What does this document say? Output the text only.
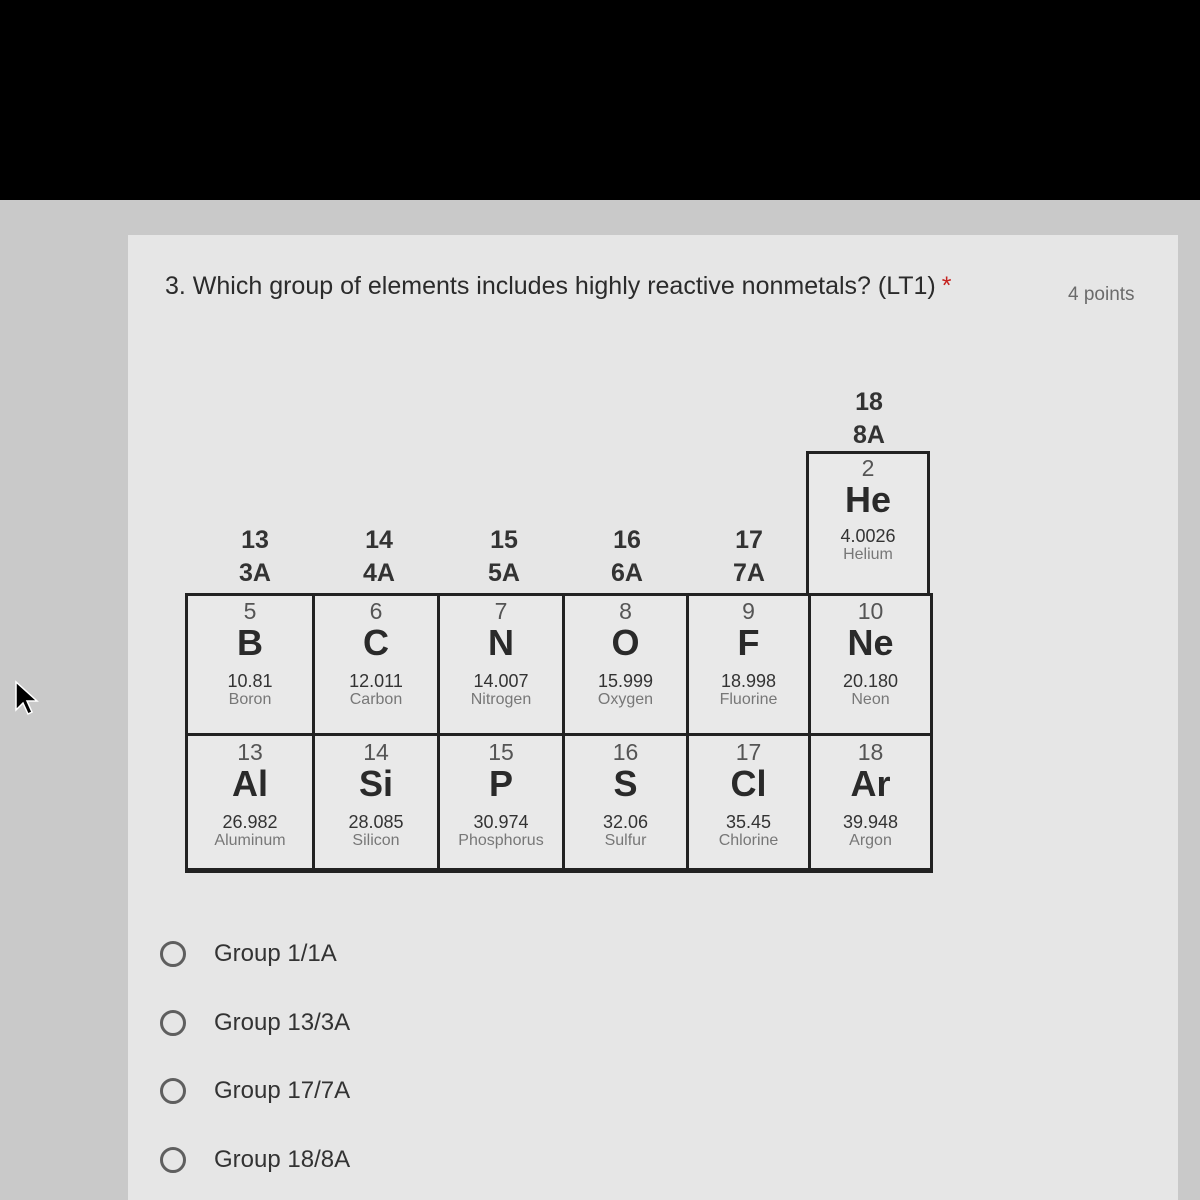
3. Which group of elements includes highly reactive nonmetals? (LT1) *	4 points
18
8A
13
3A
14
4A
15
5A
16
6A
17
7A
2
He
4.0026
Helium
5
B
10.81
Boron
6
C
12.011
Carbon
7
N
14.007
Nitrogen
8
O
15.999
Oxygen
9
F
18.998
Fluorine
10
Ne
20.180
Neon
13
Al
26.982
Aluminum
14
Si
28.085
Silicon
15
P
30.974
Phosphorus
16
S
32.06
Sulfur
17
Cl
35.45
Chlorine
18
Ar
39.948
Argon
Group 1/1A
Group 13/3A
Group 17/7A
Group 18/8A
